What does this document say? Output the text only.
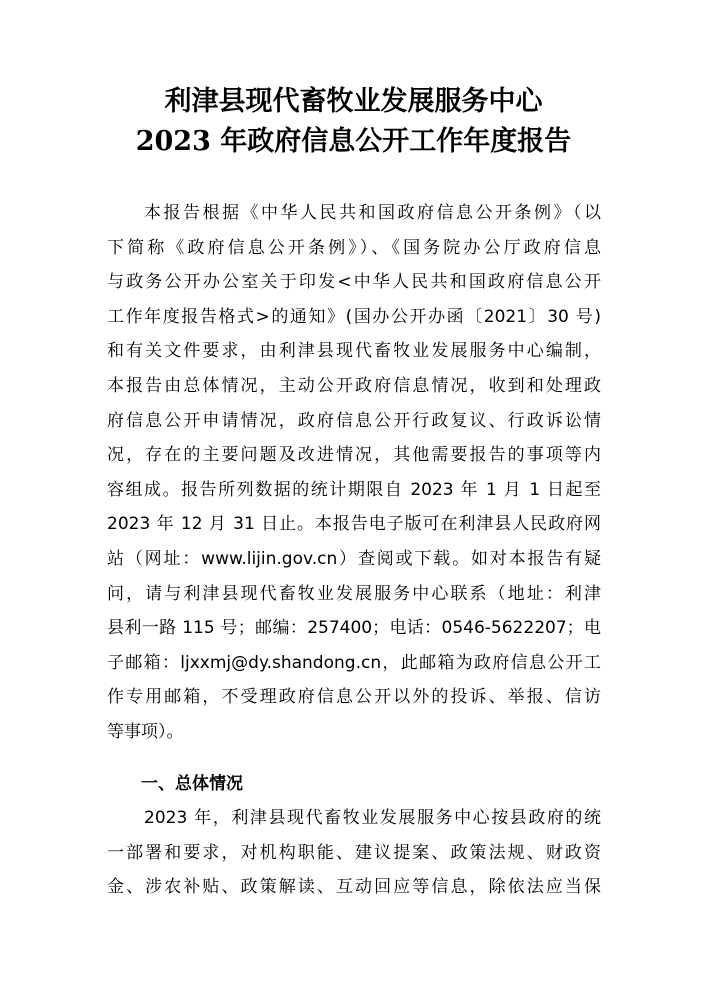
利津县现代畜牧业发展服务中心
2023 年政府信息公开工作年度报告
本报告根据《中华人民共和国政府信息公开条例》（以
下简称《政府信息公开条例》）、《国务院办公厅政府信息
与政务公开办公室关于印发<中华人民共和国政府信息公开
工作年度报告格式>的通知》(国办公开办函〔2021〕30 号)
和有关文件要求，由利津县现代畜牧业发展服务中心编制，
本报告由总体情况，主动公开政府信息情况，收到和处理政
府信息公开申请情况，政府信息公开行政复议、行政诉讼情
况，存在的主要问题及改进情况，其他需要报告的事项等内
容组成。报告所列数据的统计期限自 2023 年 1 月 1 日起至
2023 年 12 月 31 日止。本报告电子版可在利津县人民政府网
站（网址：www.lijin.gov.cn）查阅或下载。如对本报告有疑
问，请与利津县现代畜牧业发展服务中心联系（地址：利津
县利一路 115 号；邮编：257400；电话：0546-5622207；电
子邮箱：ljxxmj@dy.shandong.cn，此邮箱为政府信息公开工
作专用邮箱，不受理政府信息公开以外的投诉、举报、信访
等事项）。
一、总体情况
2023 年，利津县现代畜牧业发展服务中心按县政府的统
一部署和要求，对机构职能、建议提案、政策法规、财政资
金、涉农补贴、政策解读、互动回应等信息，除依法应当保
